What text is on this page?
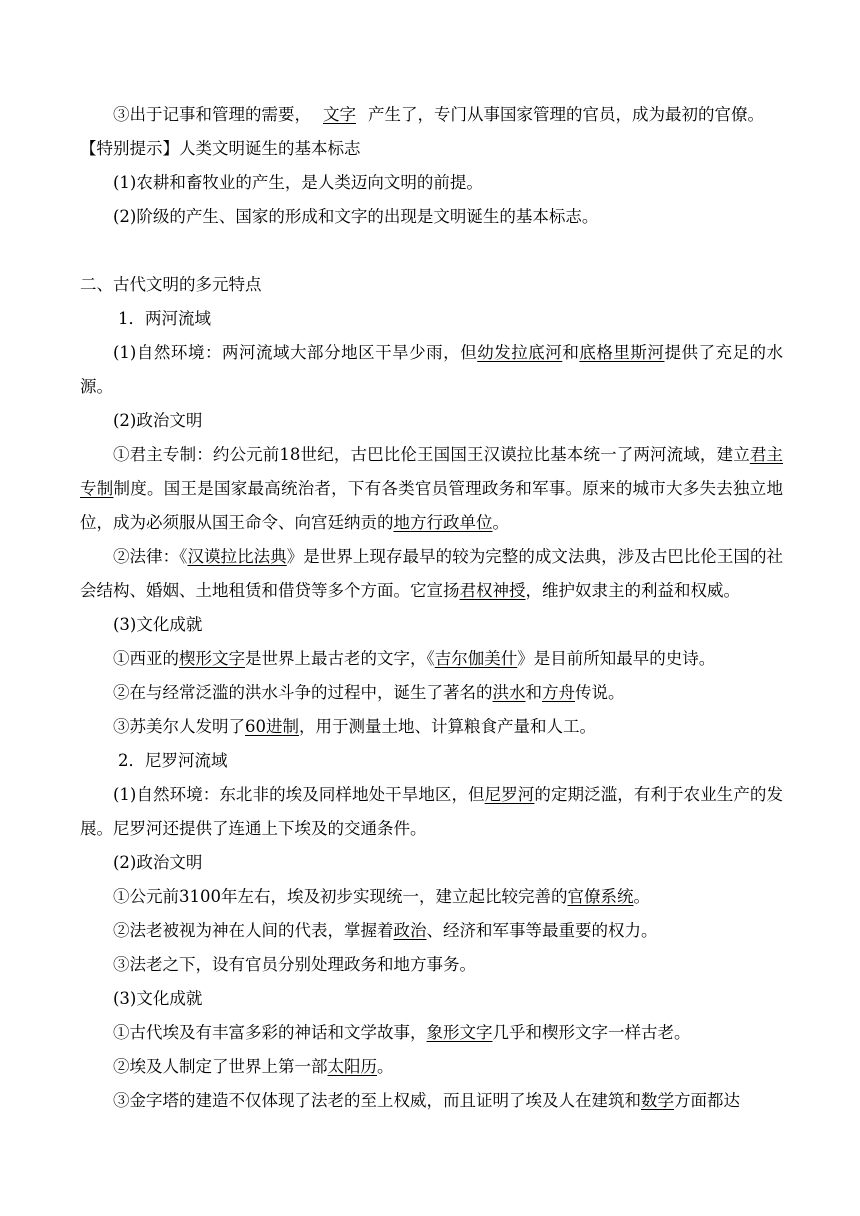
③出于记事和管理的需要， 文字 产生了，专门从事国家管理的官员，成为最初的官僚。
【特别提示】人类文明诞生的基本标志
(1)农耕和畜牧业的产生，是人类迈向文明的前提。
(2)阶级的产生、国家的形成和文字的出现是文明诞生的基本标志。
二、古代文明的多元特点
1．两河流域
(1)自然环境：两河流域大部分地区干旱少雨，但幼发拉底河和底格里斯河提供了充足的水源。
(2)政治文明
①君主专制：约公元前18世纪，古巴比伦王国国王汉谟拉比基本统一了两河流域，建立君主专制制度。国王是国家最高统治者，下有各类官员管理政务和军事。原来的城市大多失去独立地位，成为必须服从国王命令、向宫廷纳贡的地方行政单位。
②法律：《汉谟拉比法典》是世界上现存最早的较为完整的成文法典，涉及古巴比伦王国的社会结构、婚姻、土地租赁和借贷等多个方面。它宣扬君权神授，维护奴隶主的利益和权威。
(3)文化成就
①西亚的楔形文字是世界上最古老的文字，《吉尔伽美什》是目前所知最早的史诗。
②在与经常泛滥的洪水斗争的过程中，诞生了著名的洪水和方舟传说。
③苏美尔人发明了60进制，用于测量土地、计算粮食产量和人工。
2．尼罗河流域
(1)自然环境：东北非的埃及同样地处干旱地区，但尼罗河的定期泛滥，有利于农业生产的发展。尼罗河还提供了连通上下埃及的交通条件。
(2)政治文明
①公元前3100年左右，埃及初步实现统一，建立起比较完善的官僚系统。
②法老被视为神在人间的代表，掌握着政治、经济和军事等最重要的权力。
③法老之下，设有官员分别处理政务和地方事务。
(3)文化成就
①古代埃及有丰富多彩的神话和文学故事，象形文字几乎和楔形文字一样古老。
②埃及人制定了世界上第一部太阳历。
③金字塔的建造不仅体现了法老的至上权威，而且证明了埃及人在建筑和数学方面都达
